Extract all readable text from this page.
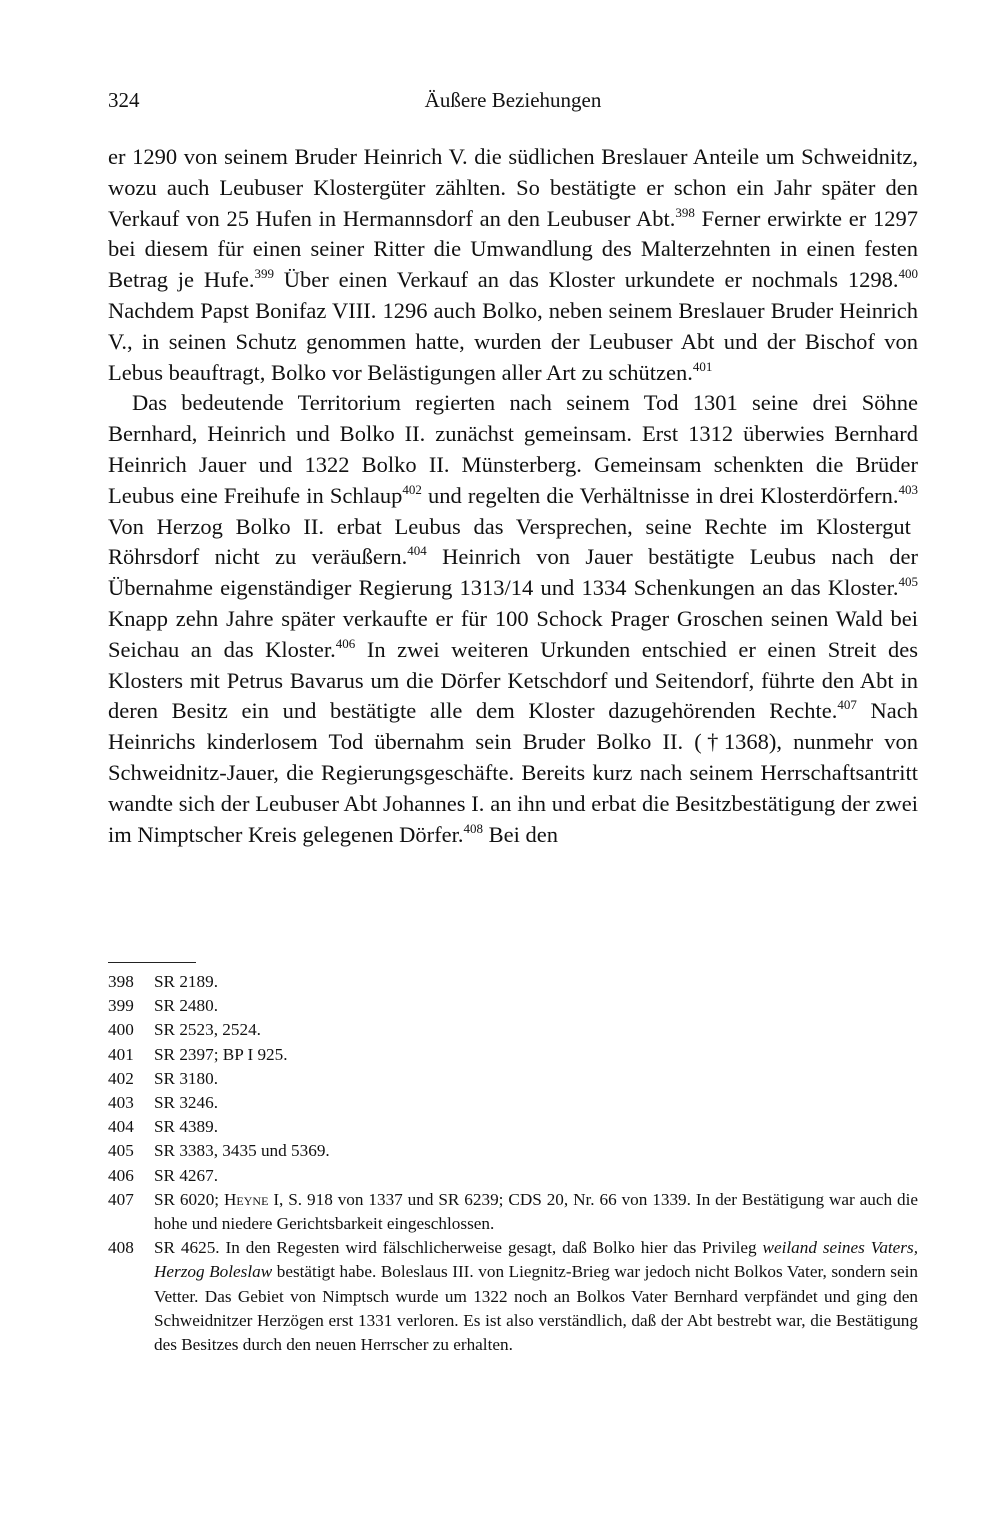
324	Äußere Beziehungen

er 1290 von seinem Bruder Heinrich V. die südlichen Breslauer Anteile um Schweidnitz, wozu auch Leubuser Klostergüter zählten. So bestätigte er schon ein Jahr später den Verkauf von 25 Hufen in Hermannsdorf an den Leubuser Abt.$^{398}$ Ferner erwirkte er 1297 bei diesem für einen seiner Ritter die Umwandlung des Malterzehnten in einen festen Betrag je Hufe.$^{399}$ Über einen Verkauf an das Kloster urkundete er nochmals 1298.$^{400}$ Nachdem Papst Bonifaz VIII. 1296 auch Bolko, neben seinem Breslauer Bruder Heinrich V., in seinen Schutz genommen hatte, wurden der Leubuser Abt und der Bischof von Lebus beauftragt, Bolko vor Belästigungen aller Art zu schützen.$^{401}$

Das bedeutende Territorium regierten nach seinem Tod 1301 seine drei Söhne Bernhard, Heinrich und Bolko II. zunächst gemeinsam. Erst 1312 überwies Bernhard Heinrich Jauer und 1322 Bolko II. Münsterberg. Gemeinsam schenkten die Brüder Leubus eine Freihufe in Schlaup$^{402}$ und regelten die Verhältnisse in drei Klosterdörfern.$^{403}$ Von Herzog Bolko II. erbat Leubus das Versprechen, seine Rechte im Klostergut Röhrsdorf nicht zu veräußern.$^{404}$ Heinrich von Jauer bestätigte Leubus nach der Übernahme eigenständiger Regierung 1313/14 und 1334 Schenkungen an das Kloster.$^{405}$ Knapp zehn Jahre später verkaufte er für 100 Schock Prager Groschen seinen Wald bei Seichau an das Kloster.$^{406}$ In zwei weiteren Urkunden entschied er einen Streit des Klosters mit Petrus Bavarus um die Dörfer Ketschdorf und Seitendorf, führte den Abt in deren Besitz ein und bestätigte alle dem Kloster dazugehörenden Rechte.$^{407}$ Nach Heinrichs kinderlosem Tod übernahm sein Bruder Bolko II. (†1368), nunmehr von Schweidnitz-Jauer, die Regierungsgeschäfte. Bereits kurz nach seinem Herrschaftsantritt wandte sich der Leubuser Abt Johannes I. an ihn und erbat die Besitzbestätigung der zwei im Nimptscher Kreis gelegenen Dörfer.$^{408}$ Bei den

398	SR 2189.
399	SR 2480.
400	SR 2523, 2524.
401	SR 2397; BP I 925.
402	SR 3180.
403	SR 3246.
404	SR 4389.
405	SR 3383, 3435 und 5369.
406	SR 4267.
407	SR 6020; Heyne I, S. 918 von 1337 und SR 6239; CDS 20, Nr. 66 von 1339. In der Bestätigung war auch die hohe und niedere Gerichtsbarkeit eingeschlossen.
408	SR 4625. In den Regesten wird fälschlicherweise gesagt, daß Bolko hier das Privileg weiland seines Vaters, Herzog Boleslaw bestätigt habe. Boleslaus III. von Liegnitz-Brieg war jedoch nicht Bolkos Vater, sondern sein Vetter. Das Gebiet von Nimptsch wurde um 1322 noch an Bolkos Vater Bernhard verpfändet und ging den Schweidnitzer Herzögen erst 1331 verloren. Es ist also verständlich, daß der Abt bestrebt war, die Bestätigung des Besitzes durch den neuen Herrscher zu erhalten.
